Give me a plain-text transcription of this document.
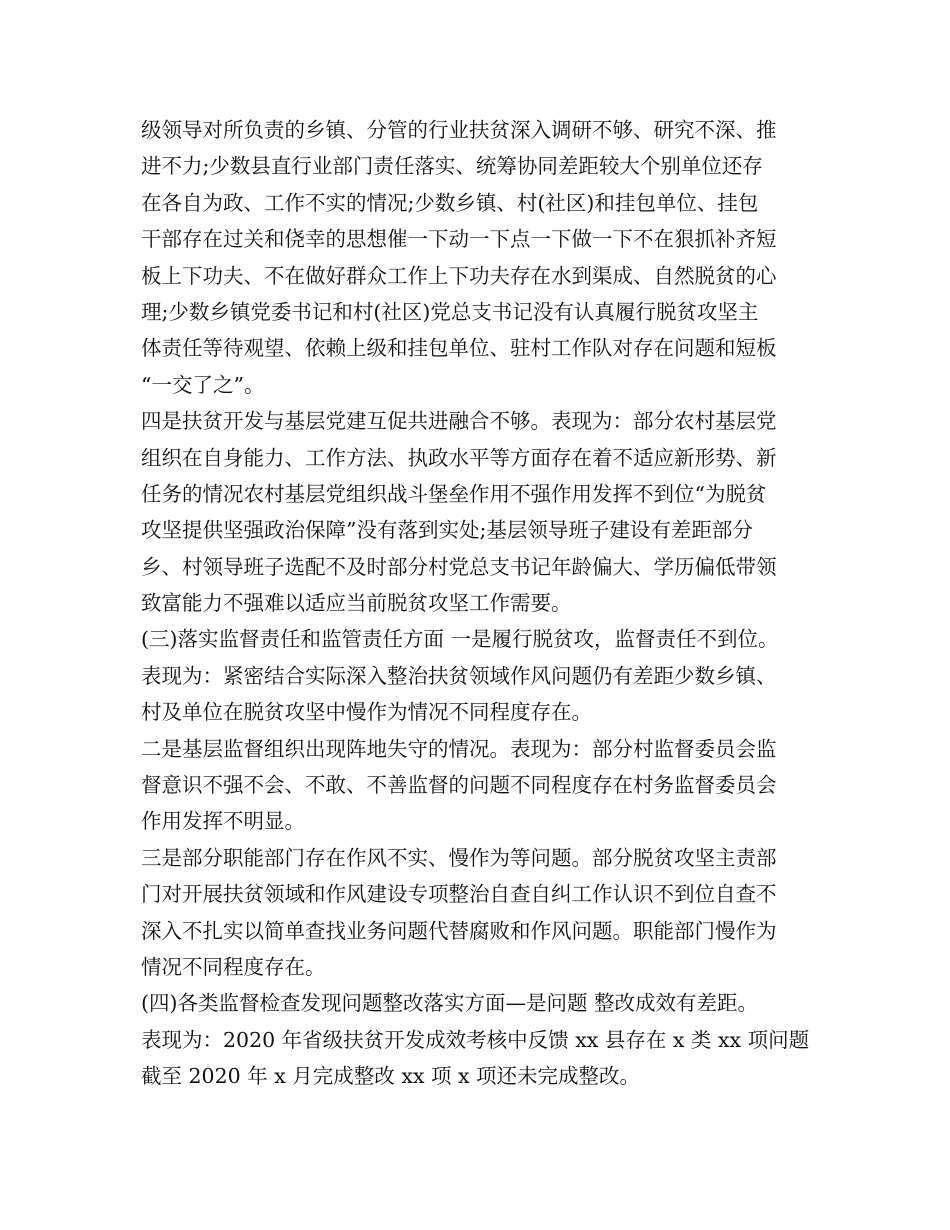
级领导对所负责的乡镇、分管的行业扶贫深入调研不够、研究不深、推
进不力;少数县直行业部门责任落实、统筹协同差距较大个别单位还存
在各自为政、工作不实的情况;少数乡镇、村(社区)和挂包单位、挂包
干部存在过关和侥幸的思想催一下动一下点一下做一下不在狠抓补齐短
板上下功夫、不在做好群众工作上下功夫存在水到渠成、自然脱贫的心
理;少数乡镇党委书记和村(社区)党总支书记没有认真履行脱贫攻坚主
体责任等待观望、依赖上级和挂包单位、驻村工作队对存在问题和短板
“一交了之”。
四是扶贫开发与基层党建互促共进融合不够。表现为：部分农村基层党
组织在自身能力、工作方法、执政水平等方面存在着不适应新形势、新
任务的情况农村基层党组织战斗堡垒作用不强作用发挥不到位“为脱贫
攻坚提供坚强政治保障”没有落到实处;基层领导班子建设有差距部分
乡、村领导班子选配不及时部分村党总支书记年龄偏大、学历偏低带领
致富能力不强难以适应当前脱贫攻坚工作需要。
(三)落实监督责任和监管责任方面 一是履行脱贫攻，监督责任不到位。
表现为：紧密结合实际深入整治扶贫领域作风问题仍有差距少数乡镇、
村及单位在脱贫攻坚中慢作为情况不同程度存在。
二是基层监督组织出现阵地失守的情况。表现为：部分村监督委员会监
督意识不强不会、不敢、不善监督的问题不同程度存在村务监督委员会
作用发挥不明显。
三是部分职能部门存在作风不实、慢作为等问题。部分脱贫攻坚主责部
门对开展扶贫领域和作风建设专项整治自查自纠工作认识不到位自查不
深入不扎实以简单查找业务问题代替腐败和作风问题。职能部门慢作为
情况不同程度存在。
(四)各类监督检查发现问题整改落实方面—是问题 整改成效有差距。
表现为：2020 年省级扶贫开发成效考核中反馈 xx 县存在 x 类 xx 项问题
截至 2020 年 x 月完成整改 xx 项 x 项还未完成整改。
